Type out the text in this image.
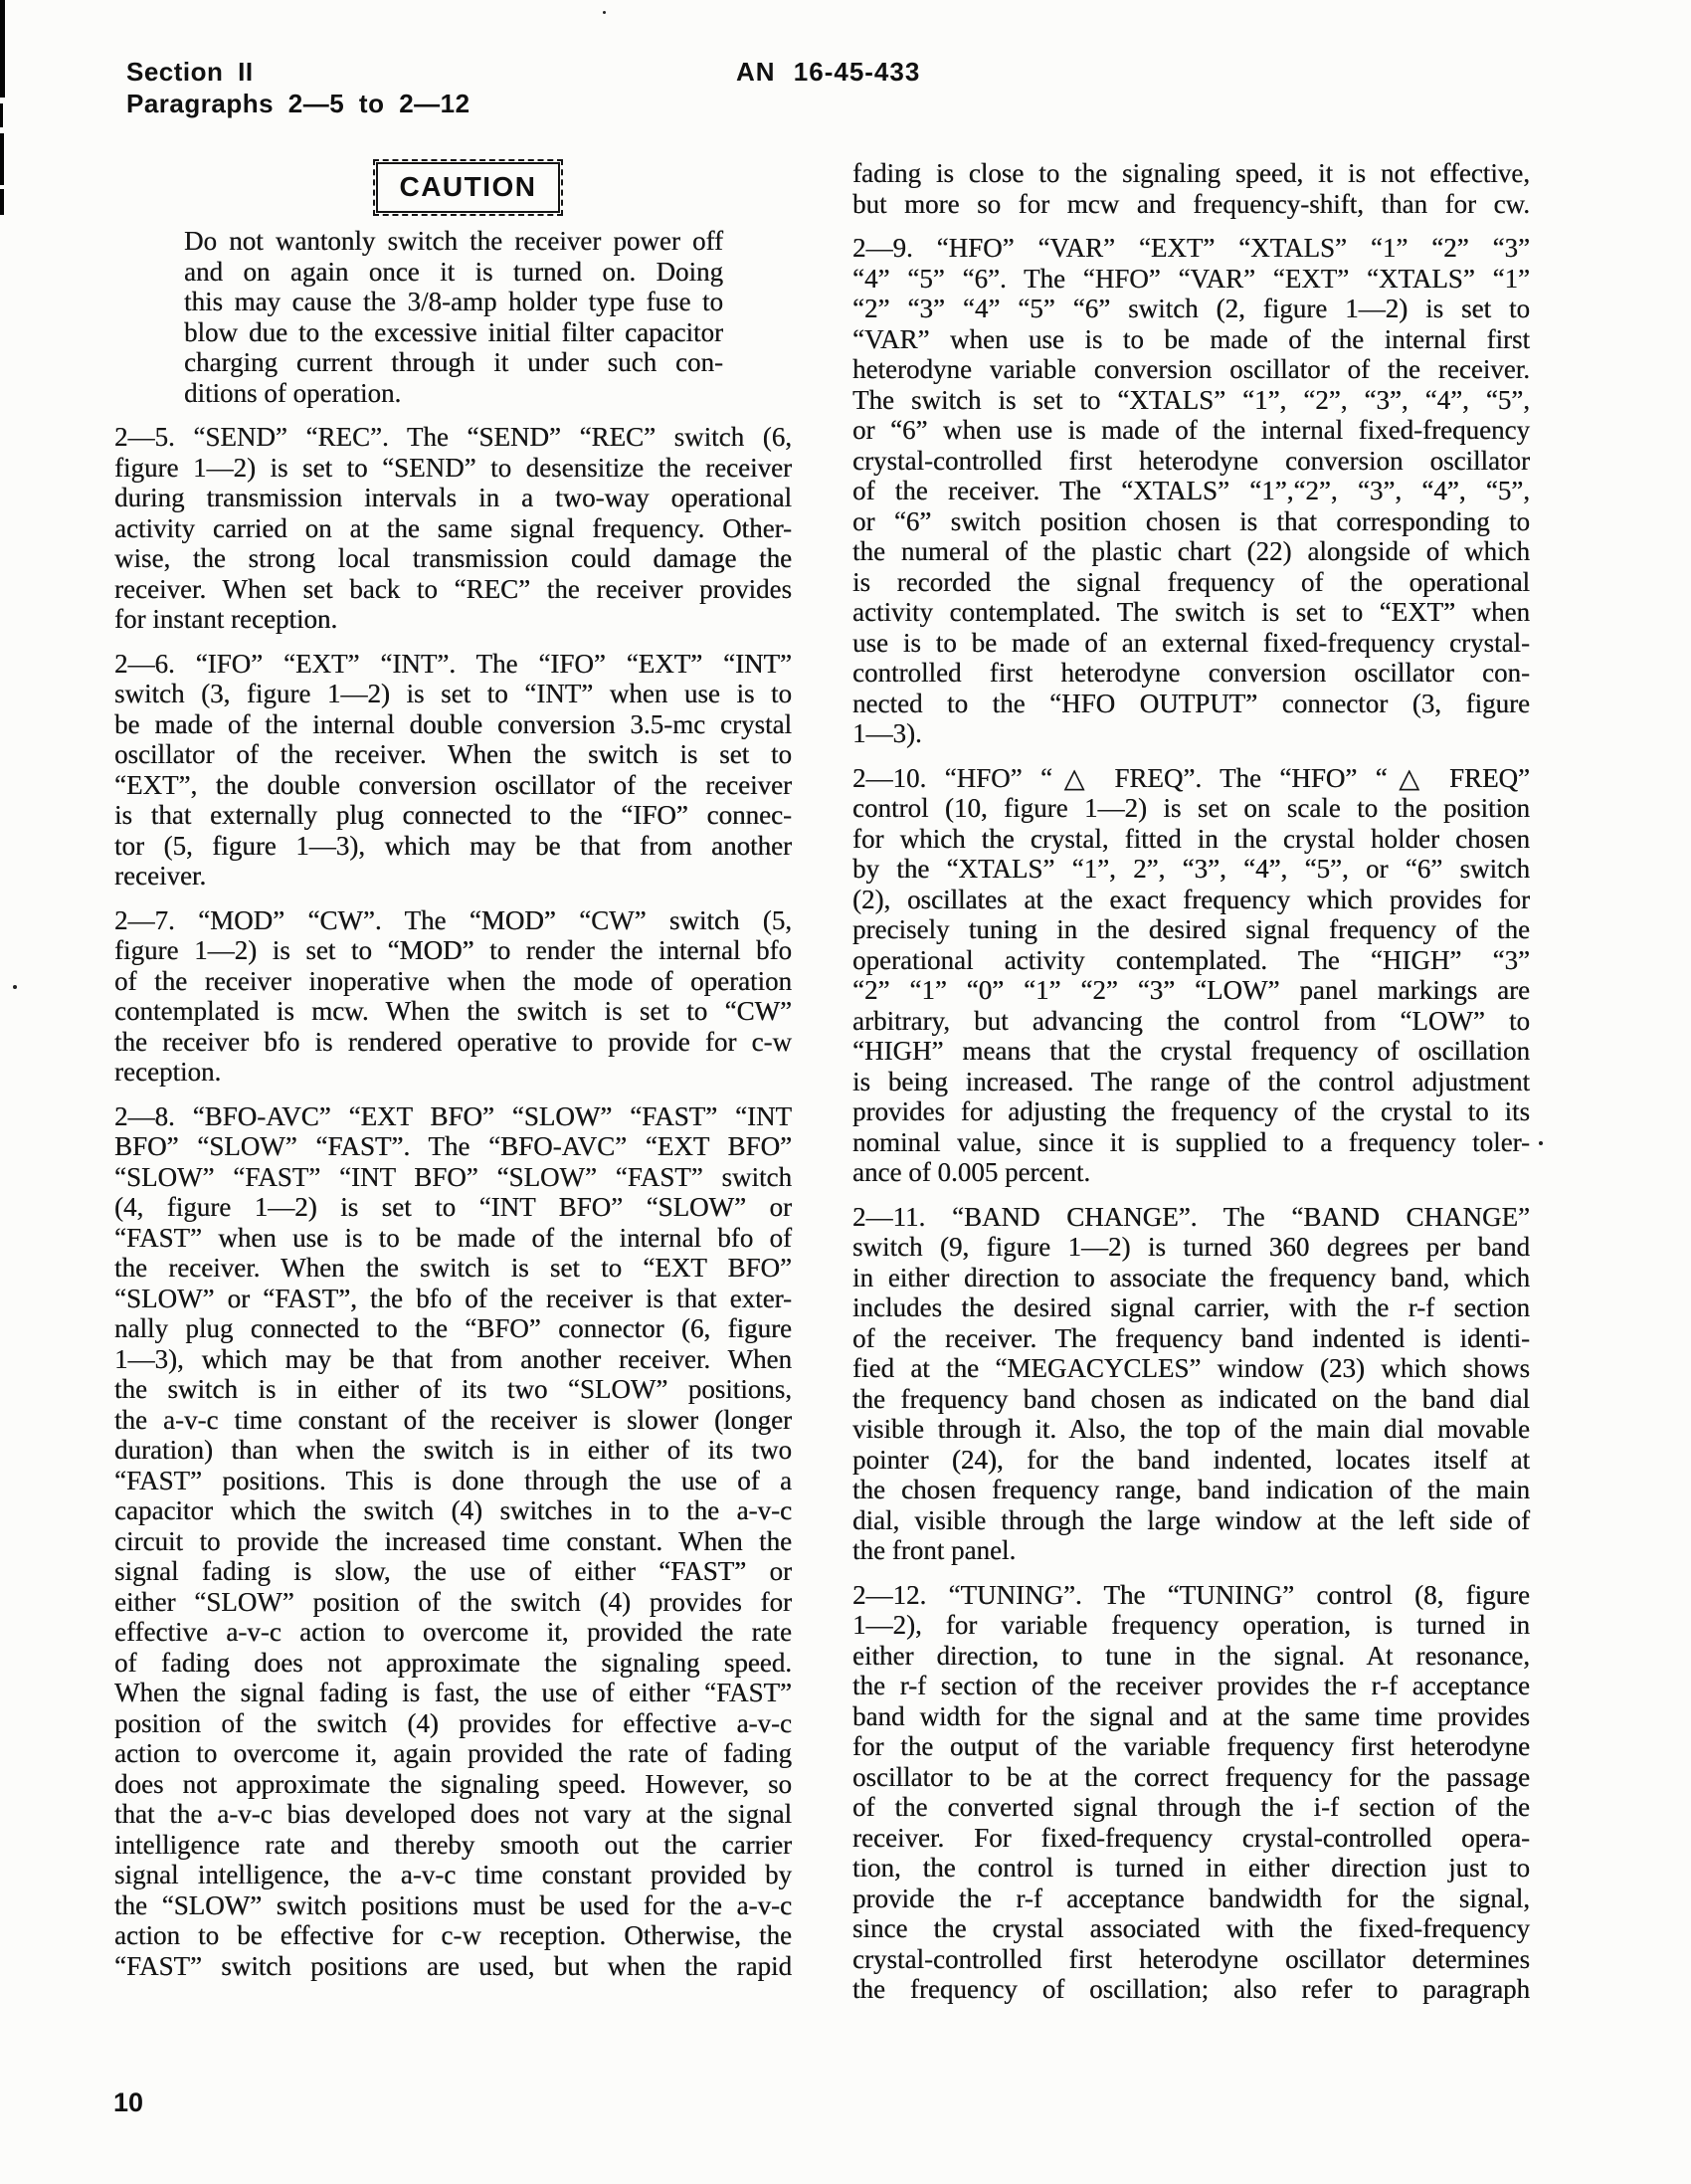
Section II
Paragraphs 2—5 to 2—12
AN 16-45-433
CAUTION
Do not wantonly switch the receiver power off
and on again once it is turned on. Doing
this may cause the 3/8-amp holder type fuse to
blow due to the excessive initial filter capacitor
charging current through it under such con-
ditions of operation.
2—5. “SEND” “REC”. The “SEND” “REC” switch (6,
figure 1—2) is set to “SEND” to desensitize the receiver
during transmission intervals in a two-way operational
activity carried on at the same signal frequency. Other-
wise, the strong local transmission could damage the
receiver. When set back to “REC” the receiver provides
for instant reception.
2—6. “IFO” “EXT” “INT”. The “IFO” “EXT” “INT”
switch (3, figure 1—2) is set to “INT” when use is to
be made of the internal double conversion 3.5-mc crystal
oscillator of the receiver. When the switch is set to
“EXT”, the double conversion oscillator of the receiver
is that externally plug connected to the “IFO” connec-
tor (5, figure 1—3), which may be that from another
receiver.
2—7. “MOD” “CW”. The “MOD” “CW” switch (5,
figure 1—2) is set to “MOD” to render the internal bfo
of the receiver inoperative when the mode of operation
contemplated is mcw. When the switch is set to “CW”
the receiver bfo is rendered operative to provide for c-w
reception.
2—8. “BFO-AVC” “EXT BFO” “SLOW” “FAST” “INT
BFO” “SLOW” “FAST”. The “BFO-AVC” “EXT BFO”
“SLOW” “FAST” “INT BFO” “SLOW” “FAST” switch
(4, figure 1—2) is set to “INT BFO” “SLOW” or
“FAST” when use is to be made of the internal bfo of
the receiver. When the switch is set to “EXT BFO”
“SLOW” or “FAST”, the bfo of the receiver is that exter-
nally plug connected to the “BFO” connector (6, figure
1—3), which may be that from another receiver. When
the switch is in either of its two “SLOW” positions,
the a-v-c time constant of the receiver is slower (longer
duration) than when the switch is in either of its two
“FAST” positions. This is done through the use of a
capacitor which the switch (4) switches in to the a-v-c
circuit to provide the increased time constant. When the
signal fading is slow, the use of either “FAST” or
either “SLOW” position of the switch (4) provides for
effective a-v-c action to overcome it, provided the rate
of fading does not approximate the signaling speed.
When the signal fading is fast, the use of either “FAST”
position of the switch (4) provides for effective a-v-c
action to overcome it, again provided the rate of fading
does not approximate the signaling speed. However, so
that the a-v-c bias developed does not vary at the signal
intelligence rate and thereby smooth out the carrier
signal intelligence, the a-v-c time constant provided by
the “SLOW” switch positions must be used for the a-v-c
action to be effective for c-w reception. Otherwise, the
“FAST” switch positions are used, but when the rapid
fading is close to the signaling speed, it is not effective,
but more so for mcw and frequency-shift, than for cw.
2—9. “HFO” “VAR” “EXT” “XTALS” “1” “2” “3”
“4” “5” “6”. The “HFO” “VAR” “EXT” “XTALS” “1”
“2” “3” “4” “5” “6” switch (2, figure 1—2) is set to
“VAR” when use is to be made of the internal first
heterodyne variable conversion oscillator of the receiver.
The switch is set to “XTALS” “1”, “2”, “3”, “4”, “5”,
or “6” when use is made of the internal fixed-frequency
crystal-controlled first heterodyne conversion oscillator
of the receiver. The “XTALS” “1”,“2”, “3”, “4”, “5”,
or “6” switch position chosen is that corresponding to
the numeral of the plastic chart (22) alongside of which
is recorded the signal frequency of the operational
activity contemplated. The switch is set to “EXT” when
use is to be made of an external fixed-frequency crystal-
controlled first heterodyne conversion oscillator con-
nected to the “HFO OUTPUT” connector (3, figure
1—3).
2—10. “HFO” “△ FREQ”. The “HFO” “△ FREQ”
control (10, figure 1—2) is set on scale to the position
for which the crystal, fitted in the crystal holder chosen
by the “XTALS” “1”, 2”, “3”, “4”, “5”, or “6” switch
(2), oscillates at the exact frequency which provides for
precisely tuning in the desired signal frequency of the
operational activity contemplated. The “HIGH” “3”
“2” “1” “0” “1” “2” “3” “LOW” panel markings are
arbitrary, but advancing the control from “LOW” to
“HIGH” means that the crystal frequency of oscillation
is being increased. The range of the control adjustment
provides for adjusting the frequency of the crystal to its
nominal value, since it is supplied to a frequency toler-
ance of 0.005 percent.
2—11. “BAND CHANGE”. The “BAND CHANGE”
switch (9, figure 1—2) is turned 360 degrees per band
in either direction to associate the frequency band, which
includes the desired signal carrier, with the r-f section
of the receiver. The frequency band indented is identi-
fied at the “MEGACYCLES” window (23) which shows
the frequency band chosen as indicated on the band dial
visible through it. Also, the top of the main dial movable
pointer (24), for the band indented, locates itself at
the chosen frequency range, band indication of the main
dial, visible through the large window at the left side of
the front panel.
2—12. “TUNING”. The “TUNING” control (8, figure
1—2), for variable frequency operation, is turned in
either direction, to tune in the signal. At resonance,
the r-f section of the receiver provides the r-f acceptance
band width for the signal and at the same time provides
for the output of the variable frequency first heterodyne
oscillator to be at the correct frequency for the passage
of the converted signal through the i-f section of the
receiver. For fixed-frequency crystal-controlled opera-
tion, the control is turned in either direction just to
provide the r-f acceptance bandwidth for the signal,
since the crystal associated with the fixed-frequency
crystal-controlled first heterodyne oscillator determines
the frequency of oscillation; also refer to paragraph
10
